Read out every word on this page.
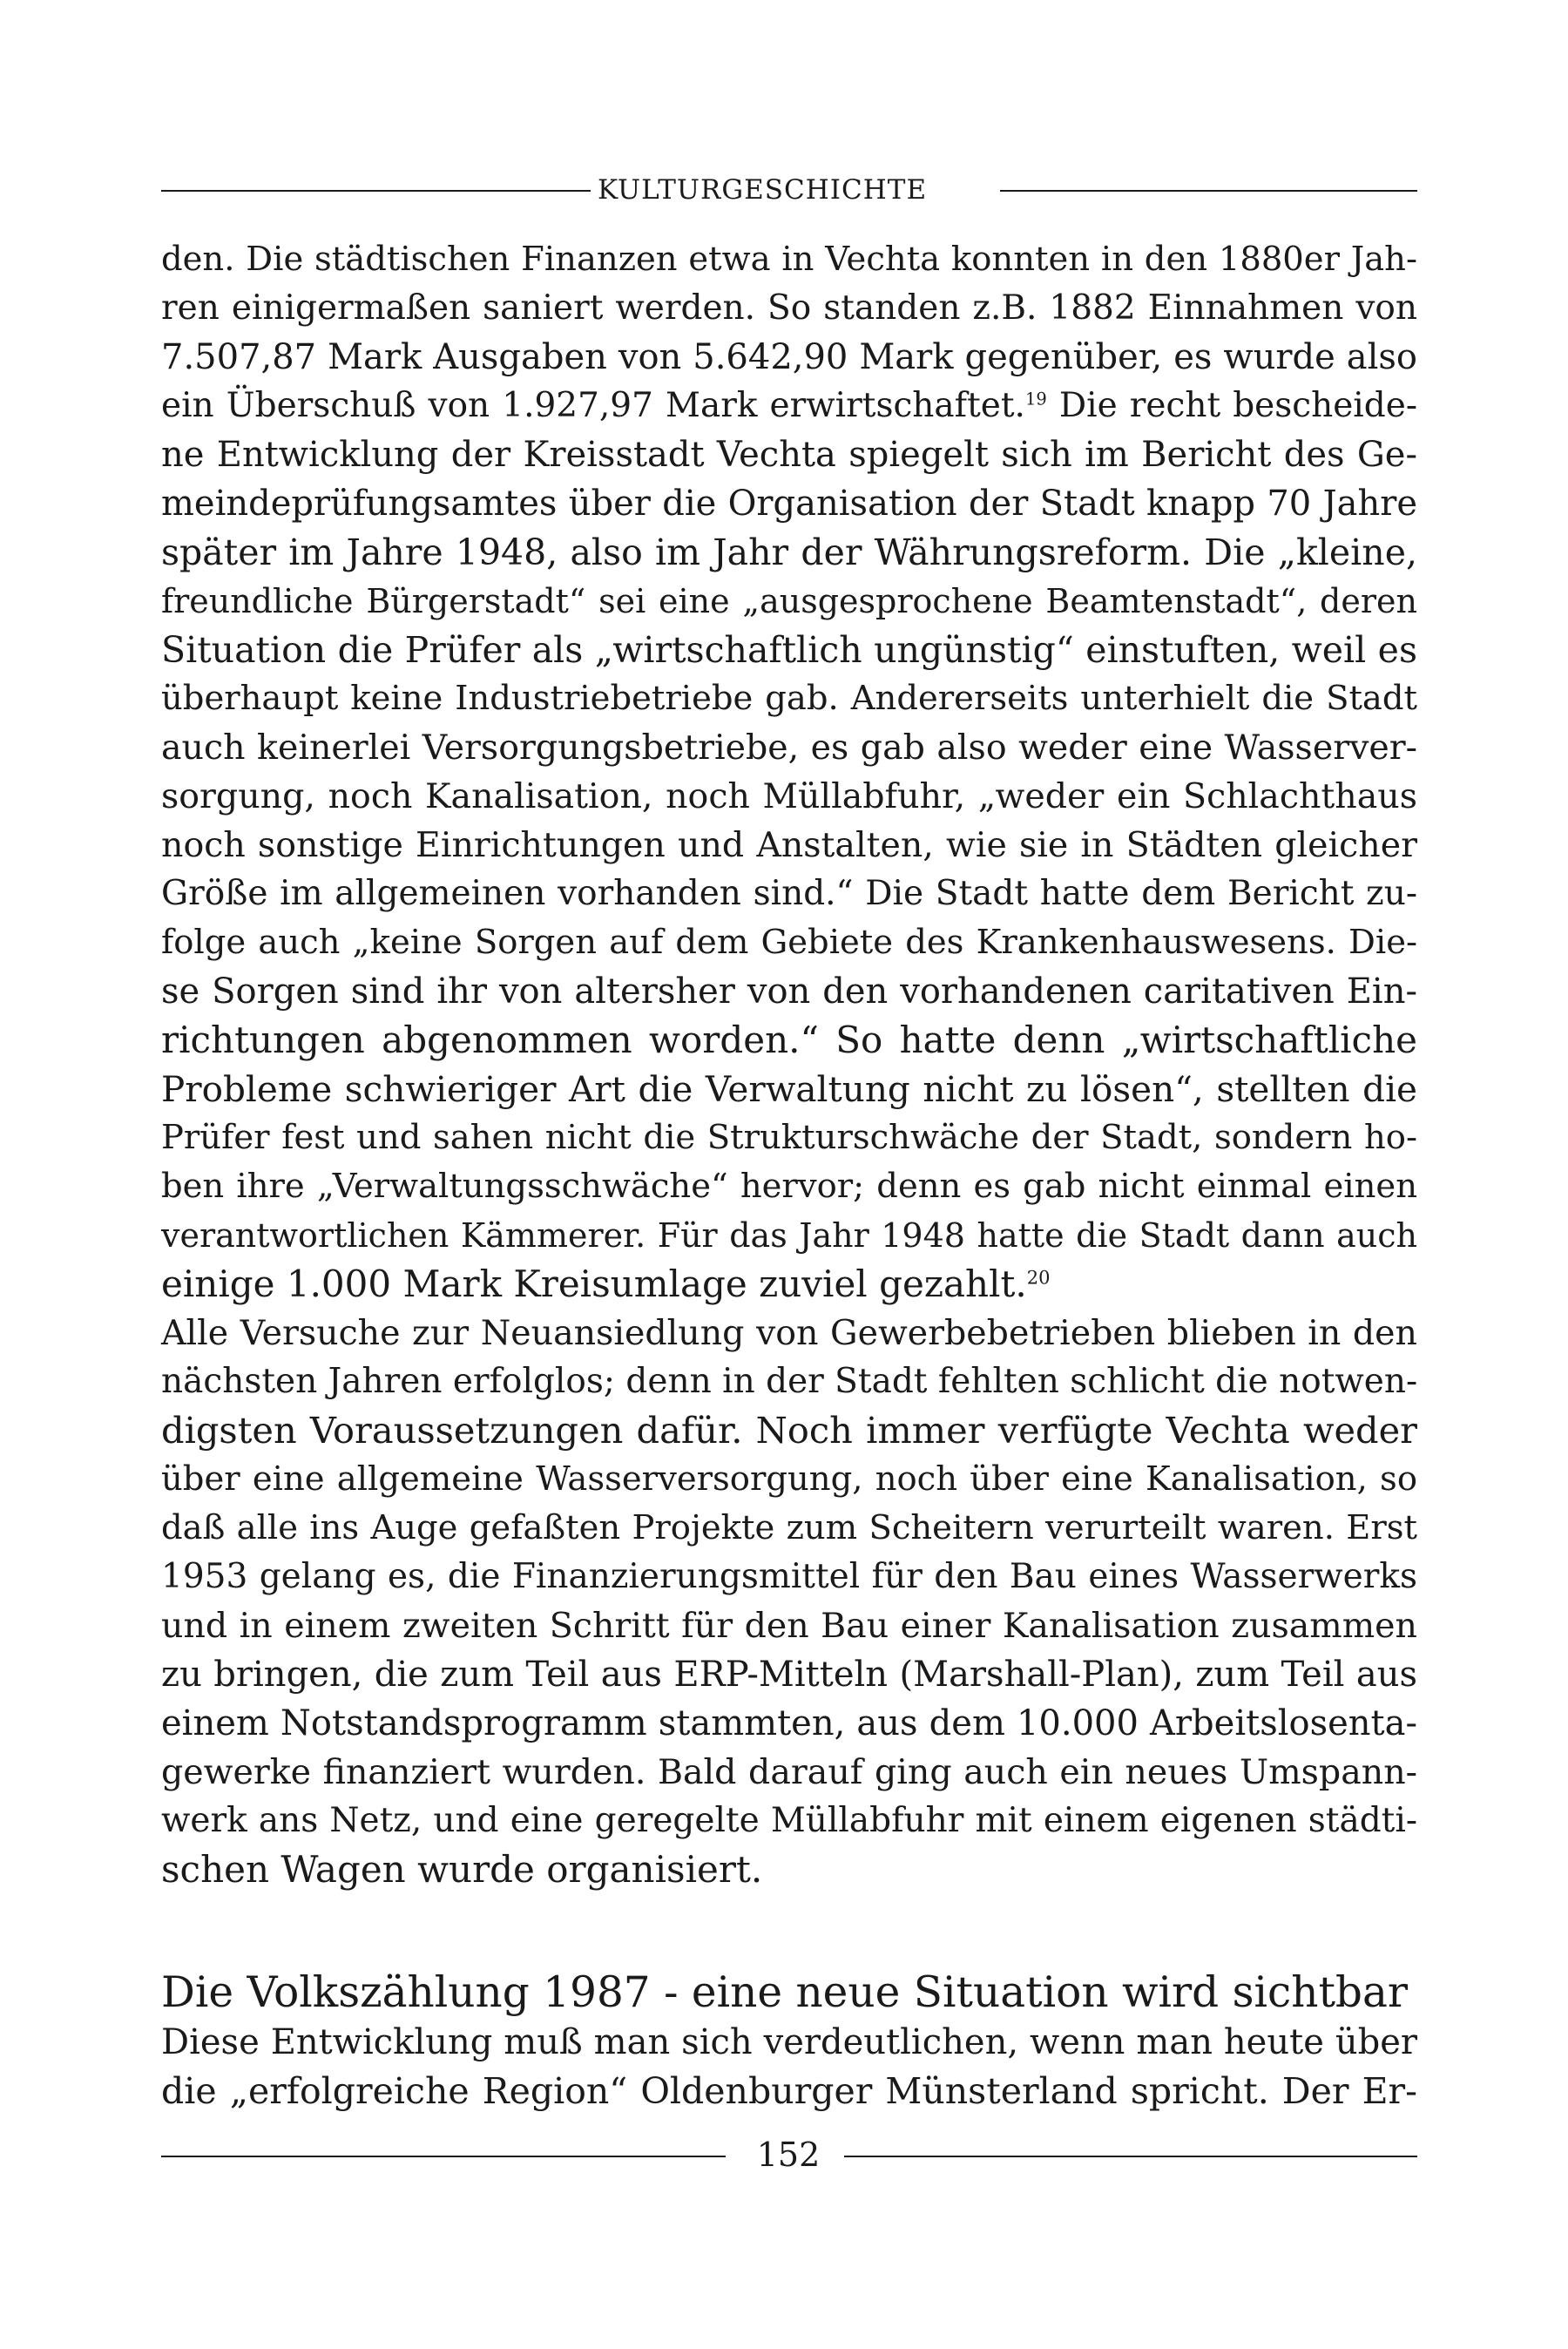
KULTURGESCHICHTE
den. Die städtischen Finanzen etwa in Vechta konnten in den 1880er Jah-
ren einigermaßen saniert werden. So standen z.B. 1882 Einnahmen von
7.507,87 Mark Ausgaben von 5.642,90 Mark gegenüber, es wurde also
ein Überschuß von 1.927,97 Mark erwirtschaftet.$^{19}$ Die recht bescheide-
ne Entwicklung der Kreisstadt Vechta spiegelt sich im Bericht des Ge-
meindeprüfungsamtes über die Organisation der Stadt knapp 70 Jahre
später im Jahre 1948, also im Jahr der Währungsreform. Die „kleine,
freundliche Bürgerstadt“ sei eine „ausgesprochene Beamtenstadt“, deren
Situation die Prüfer als „wirtschaftlich ungünstig“ einstuften, weil es
überhaupt keine Industriebetriebe gab. Andererseits unterhielt die Stadt
auch keinerlei Versorgungsbetriebe, es gab also weder eine Wasserver-
sorgung, noch Kanalisation, noch Müllabfuhr, „weder ein Schlachthaus
noch sonstige Einrichtungen und Anstalten, wie sie in Städten gleicher
Größe im allgemeinen vorhanden sind.“ Die Stadt hatte dem Bericht zu-
folge auch „keine Sorgen auf dem Gebiete des Krankenhauswesens. Die-
se Sorgen sind ihr von altersher von den vorhandenen caritativen Ein-
richtungen abgenommen worden.“ So hatte denn „wirtschaftliche
Probleme schwieriger Art die Verwaltung nicht zu lösen“, stellten die
Prüfer fest und sahen nicht die Strukturschwäche der Stadt, sondern ho-
ben ihre „Verwaltungsschwäche“ hervor; denn es gab nicht einmal einen
verantwortlichen Kämmerer. Für das Jahr 1948 hatte die Stadt dann auch
einige 1.000 Mark Kreisumlage zuviel gezahlt.$^{20}$
Alle Versuche zur Neuansiedlung von Gewerbebetrieben blieben in den
nächsten Jahren erfolglos; denn in der Stadt fehlten schlicht die notwen-
digsten Voraussetzungen dafür. Noch immer verfügte Vechta weder
über eine allgemeine Wasserversorgung, noch über eine Kanalisation, so
daß alle ins Auge gefaßten Projekte zum Scheitern verurteilt waren. Erst
1953 gelang es, die Finanzierungsmittel für den Bau eines Wasserwerks
und in einem zweiten Schritt für den Bau einer Kanalisation zusammen
zu bringen, die zum Teil aus ERP-Mitteln (Marshall-Plan), zum Teil aus
einem Notstandsprogramm stammten, aus dem 10.000 Arbeitslosenta-
gewerke finanziert wurden. Bald darauf ging auch ein neues Umspann-
werk ans Netz, und eine geregelte Müllabfuhr mit einem eigenen städti-
schen Wagen wurde organisiert.
Die Volkszählung 1987 - eine neue Situation wird sichtbar
Diese Entwicklung muß man sich verdeutlichen, wenn man heute über
die „erfolgreiche Region“ Oldenburger Münsterland spricht. Der Er-
152
